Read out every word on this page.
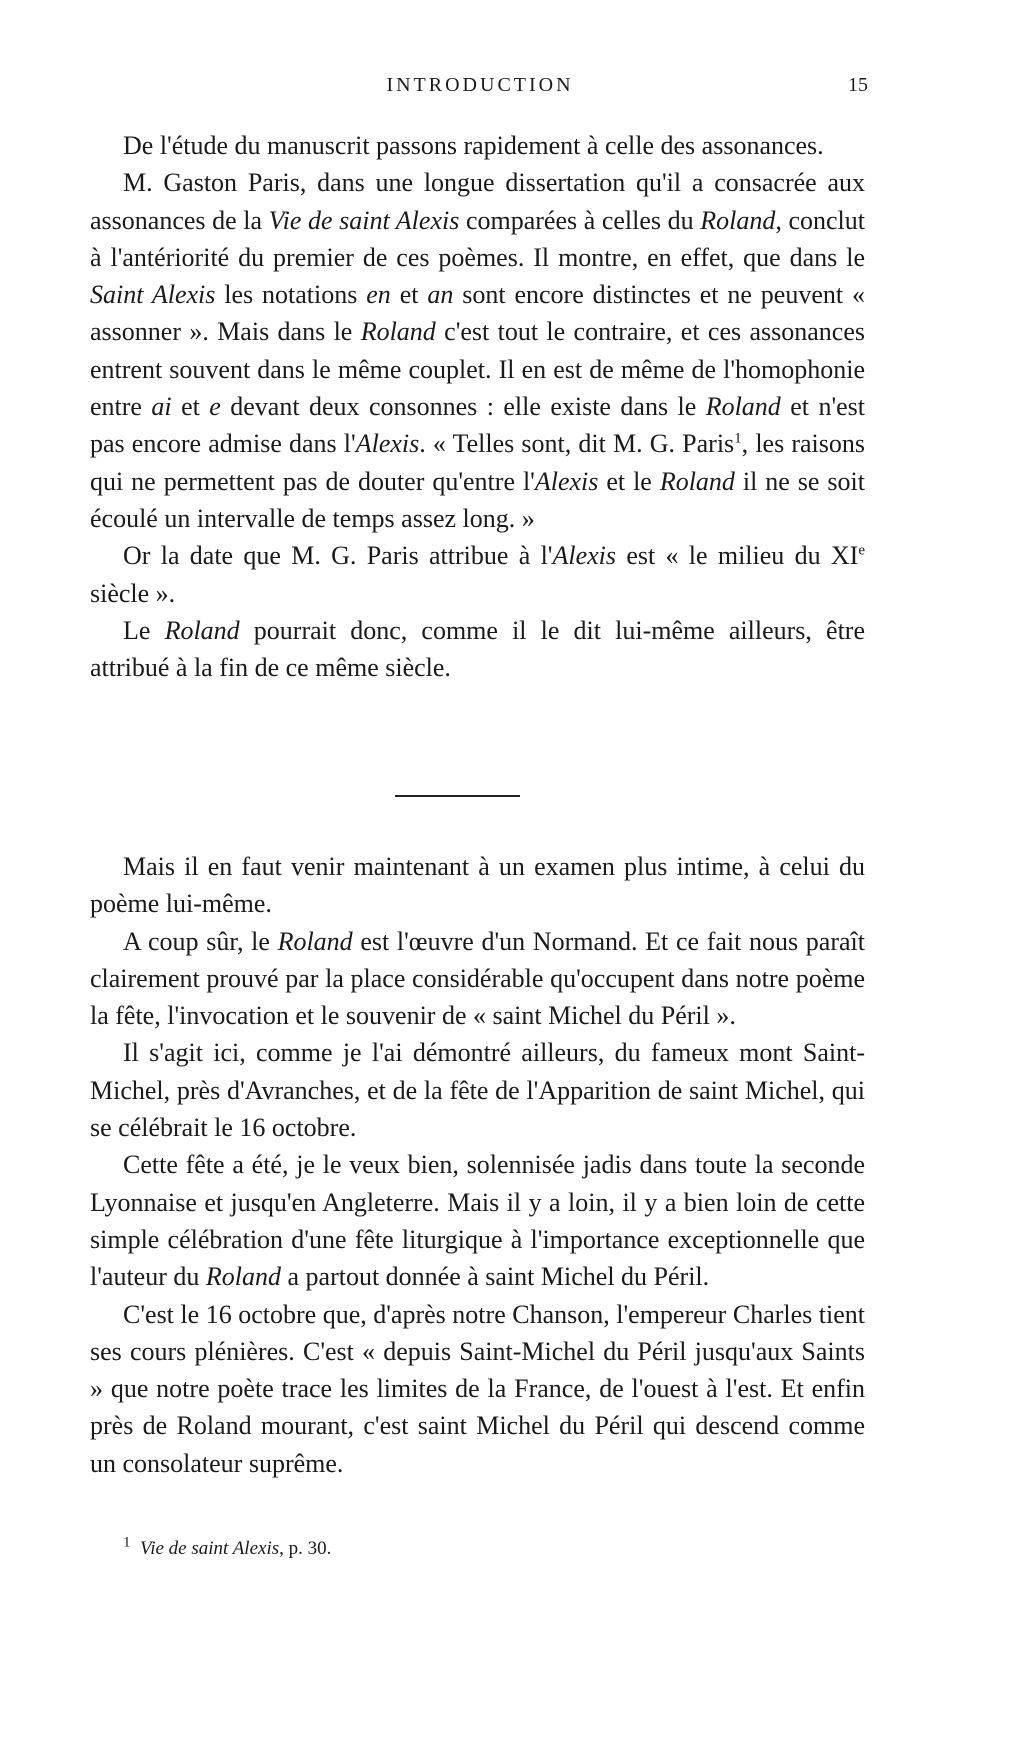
INTRODUCTION	15

De l'étude du manuscrit passons rapidement à celle des assonances.

M. Gaston Paris, dans une longue dissertation qu'il a consacrée aux assonances de la Vie de saint Alexis comparées à celles du Roland, conclut à l'antériorité du premier de ces poèmes. Il montre, en effet, que dans le Saint Alexis les notations en et an sont encore distinctes et ne peuvent « assonner ». Mais dans le Roland c'est tout le contraire, et ces assonances entrent souvent dans le même couplet. Il en est de même de l'homophonie entre ai et e devant deux consonnes : elle existe dans le Roland et n'est pas encore admise dans l'Alexis. « Telles sont, dit M. G. Paris$^1$, les raisons qui ne permettent pas de douter qu'entre l'Alexis et le Roland il ne se soit écoulé un intervalle de temps assez long. »

Or la date que M. G. Paris attribue à l'Alexis est « le milieu du XIe siècle ».

Le Roland pourrait donc, comme il le dit lui-même ailleurs, être attribué à la fin de ce même siècle.

Mais il en faut venir maintenant à un examen plus intime, à celui du poème lui-même.

A coup sûr, le Roland est l'œuvre d'un Normand. Et ce fait nous paraît clairement prouvé par la place considérable qu'occupent dans notre poème la fête, l'invocation et le souvenir de « saint Michel du Péril ».

Il s'agit ici, comme je l'ai démontré ailleurs, du fameux mont Saint-Michel, près d'Avranches, et de la fête de l'Apparition de saint Michel, qui se célébrait le 16 octobre.

Cette fête a été, je le veux bien, solennisée jadis dans toute la seconde Lyonnaise et jusqu'en Angleterre. Mais il y a loin, il y a bien loin de cette simple célébration d'une fête liturgique à l'importance exceptionnelle que l'auteur du Roland a partout donnée à saint Michel du Péril.

C'est le 16 octobre que, d'après notre Chanson, l'empereur Charles tient ses cours plénières. C'est « depuis Saint-Michel du Péril jusqu'aux Saints » que notre poète trace les limites de la France, de l'ouest à l'est. Et enfin près de Roland mourant, c'est saint Michel du Péril qui descend comme un consolateur suprême.

$^1$ Vie de saint Alexis, p. 30.
